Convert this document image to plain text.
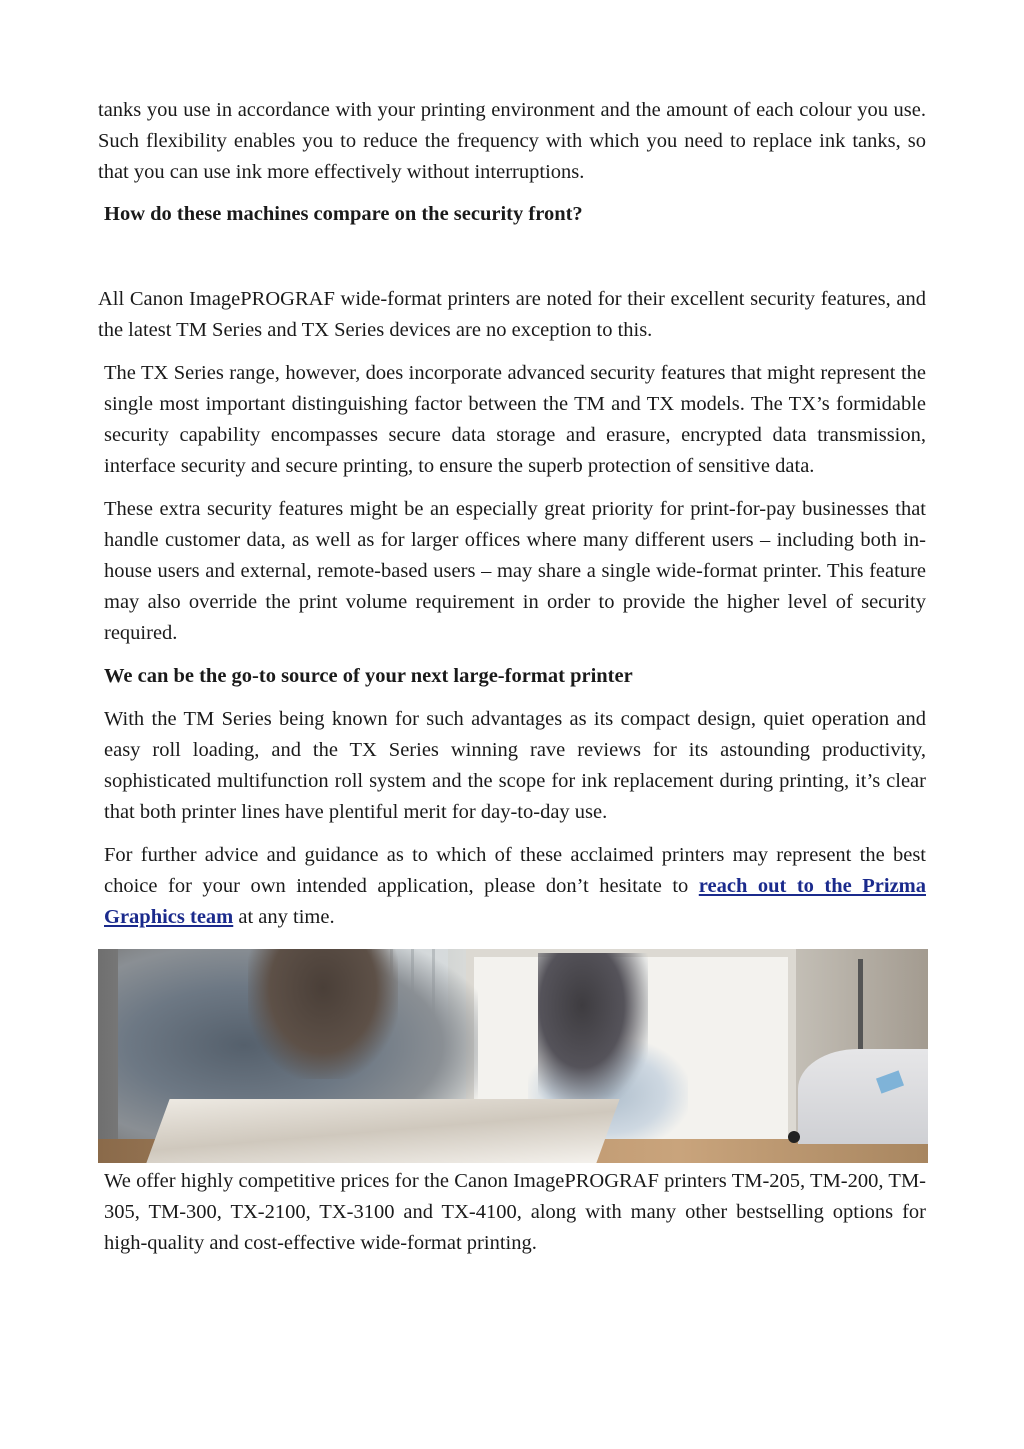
tanks you use in accordance with your printing environment and the amount of each colour you use. Such flexibility enables you to reduce the frequency with which you need to replace ink tanks, so that you can use ink more effectively without interruptions.

How do these machines compare on the security front?

All Canon ImagePROGRAF wide-format printers are noted for their excellent security features, and the latest TM Series and TX Series devices are no exception to this.

The TX Series range, however, does incorporate advanced security features that might represent the single most important distinguishing factor between the TM and TX models. The TX’s formidable security capability encompasses secure data storage and erasure, encrypted data transmission, interface security and secure printing, to ensure the superb protection of sensitive data.

These extra security features might be an especially great priority for print-for-pay businesses that handle customer data, as well as for larger offices where many different users – including both in-house users and external, remote-based users – may share a single wide-format printer. This feature may also override the print volume requirement in order to provide the higher level of security required.

We can be the go-to source of your next large-format printer

With the TM Series being known for such advantages as its compact design, quiet operation and easy roll loading, and the TX Series winning rave reviews for its astounding productivity, sophisticated multifunction roll system and the scope for ink replacement during printing, it’s clear that both printer lines have plentiful merit for day-to-day use.

For further advice and guidance as to which of these acclaimed printers may represent the best choice for your own intended application, please don’t hesitate to reach out to the Prizma Graphics team at any time.

We offer highly competitive prices for the Canon ImagePROGRAF printers TM-205, TM-200, TM-305, TM-300, TX-2100, TX-3100 and TX-4100, along with many other bestselling options for high-quality and cost-effective wide-format printing.
